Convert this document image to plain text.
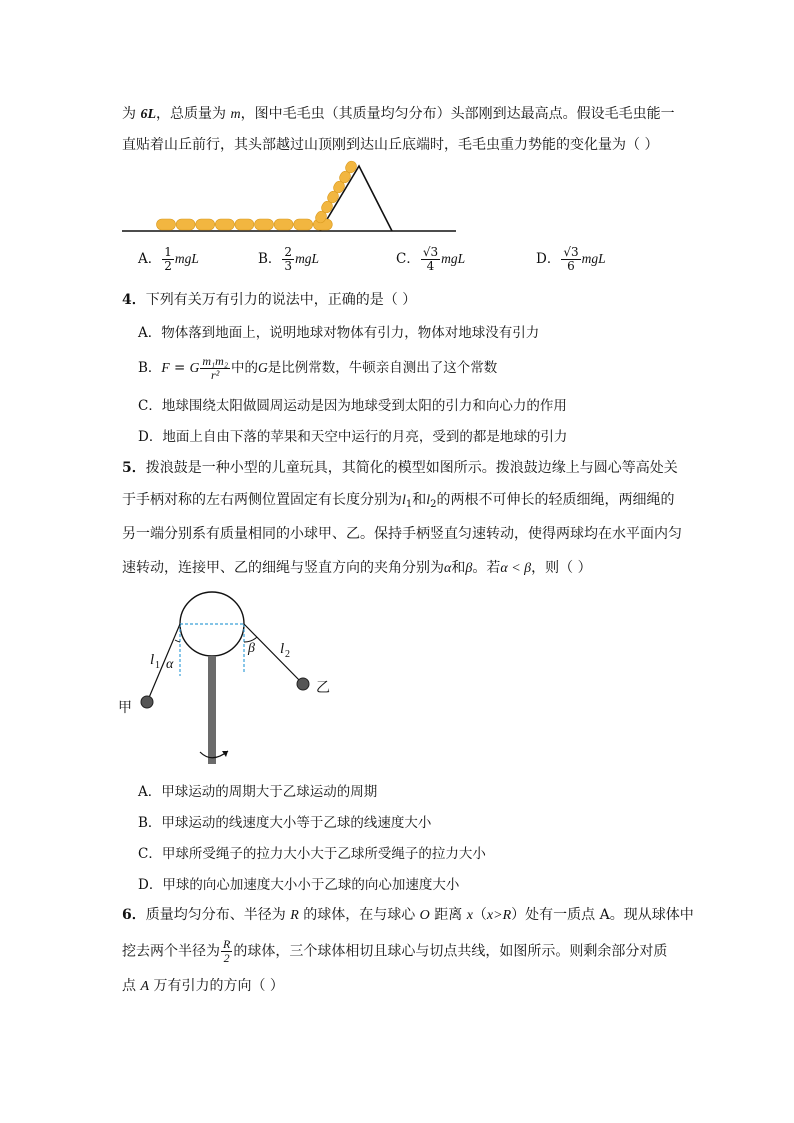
为 6L，总质量为 m，图中毛毛虫（其质量均匀分布）头部刚到达最高点。假设毛毛虫能一
直贴着山丘前行，其头部越过山顶刚到达山丘底端时，毛毛虫重力势能的变化量为（ ）
A． $\frac{1}{2}$ mgL	B． $\frac{2}{3}$ mgL	C． $\frac{√3}{4}$ mgL	D． $\frac{√3}{6}$ mgL
4．下列有关万有引力的说法中，正确的是（ ）
A．物体落到地面上，说明地球对物体有引力，物体对地球没有引力
B．F = G $\frac{\text{m₁m₂}}{\text{r²}}$ 中的G是比例常数，牛顿亲自测出了这个常数
C．地球围绕太阳做圆周运动是因为地球受到太阳的引力和向心力的作用
D．地面上自由下落的苹果和天空中运行的月亮，受到的都是地球的引力
5．拨浪鼓是一种小型的儿童玩具，其简化的模型如图所示。拨浪鼓边缘上与圆心等高处关
于手柄对称的左右两侧位置固定有长度分别为$l_1$和$l_2$的两根不可伸长的轻质细绳，两细绳的
另一端分别系有质量相同的小球甲、乙。保持手柄竖直匀速转动，使得两球均在水平面内匀
速转动，连接甲、乙的细绳与竖直方向的夹角分别为α和β。若α < β，则（ ）
l 1 α
β l 2
甲
乙
A．甲球运动的周期大于乙球运动的周期
B．甲球运动的线速度大小等于乙球的线速度大小
C．甲球所受绳子的拉力大小大于乙球所受绳子的拉力大小
D．甲球的向心加速度大小小于乙球的向心加速度大小
6．质量均匀分布、半径为 R 的球体，在与球心 O 距离 x（x>R）处有一质点 A。现从球体中
挖去两个半径为 $\frac{R}{2}$ 的球体，三个球体相切且球心与切点共线，如图所示。则剩余部分对质
点 A 万有引力的方向（ ）
